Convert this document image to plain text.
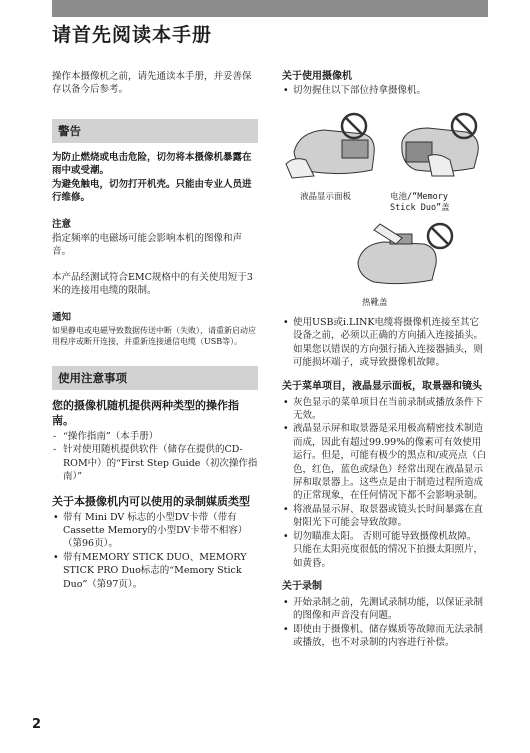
请首先阅读本手册

操作本摄像机之前，请先通读本手册，并妥善保存以备今后参考。

警告

为防止燃烧或电击危险，切勿将本摄像机暴露在雨中或受潮。

为避免触电，切勿打开机壳。只能由专业人员进行维修。

注意

指定频率的电磁场可能会影响本机的图像和声音。

本产品经测试符合EMC规格中的有关使用短于3米的连接用电缆的限制。

通知

如果静电或电磁导致数据传送中断（失败），请重新启动应用程序或断开连接，并重新连接通信电缆（USB等）。

使用注意事项

您的摄像机随机提供两种类型的操作指南。

- “操作指南”（本手册）
- 针对使用随机提供软件（储存在提供的CD-ROM中）的“First Step Guide（初次操作指南）”

关于本摄像机内可以使用的录制媒质类型

• 带有 Mini DV 标志的小型DV卡带（带有Cassette Memory的小型DV卡带不相容）（第96页）。
• 带有MEMORY STICK DUO、MEMORY STICK PRO Duo标志的“Memory Stick Duo”（第97页）。

关于使用摄像机

• 切勿握住以下部位持拿摄像机。
液晶显示面板	电池/“Memory Stick Duo”盖
热靴盖
• 使用USB或i.LINK电缆将摄像机连接至其它设备之前，必须以正确的方向插入连接插头。 如果您以错误的方向强行插入连接器插头，则可能损坏端子，或导致摄像机故障。

关于菜单项目，液晶显示面板，取景器和镜头

• 灰色显示的菜单项目在当前录制或播放条件下无效。
• 液晶显示屏和取景器是采用极高精密技术制造而成，因此有超过99.99%的像素可有效使用运行。但是，可能有极少的黑点和/或亮点（白色，红色，蓝色或绿色）经常出现在液晶显示屏和取景器上。这些点是由于制造过程所造成的正常现象，在任何情况下都不会影响录制。
• 将液晶显示屏、取景器或镜头长时间暴露在直射阳光下可能会导致故障。
• 切勿瞄准太阳。 否则可能导致摄像机故障。 只能在太阳亮度很低的情况下拍摄太阳照片，如黄昏。

关于录制

• 开始录制之前，先测试录制功能，以保证录制的图像和声音没有问题。
• 即使由于摄像机、储存媒质等故障而无法录制或播放，也不对录制的内容进行补偿。
2
